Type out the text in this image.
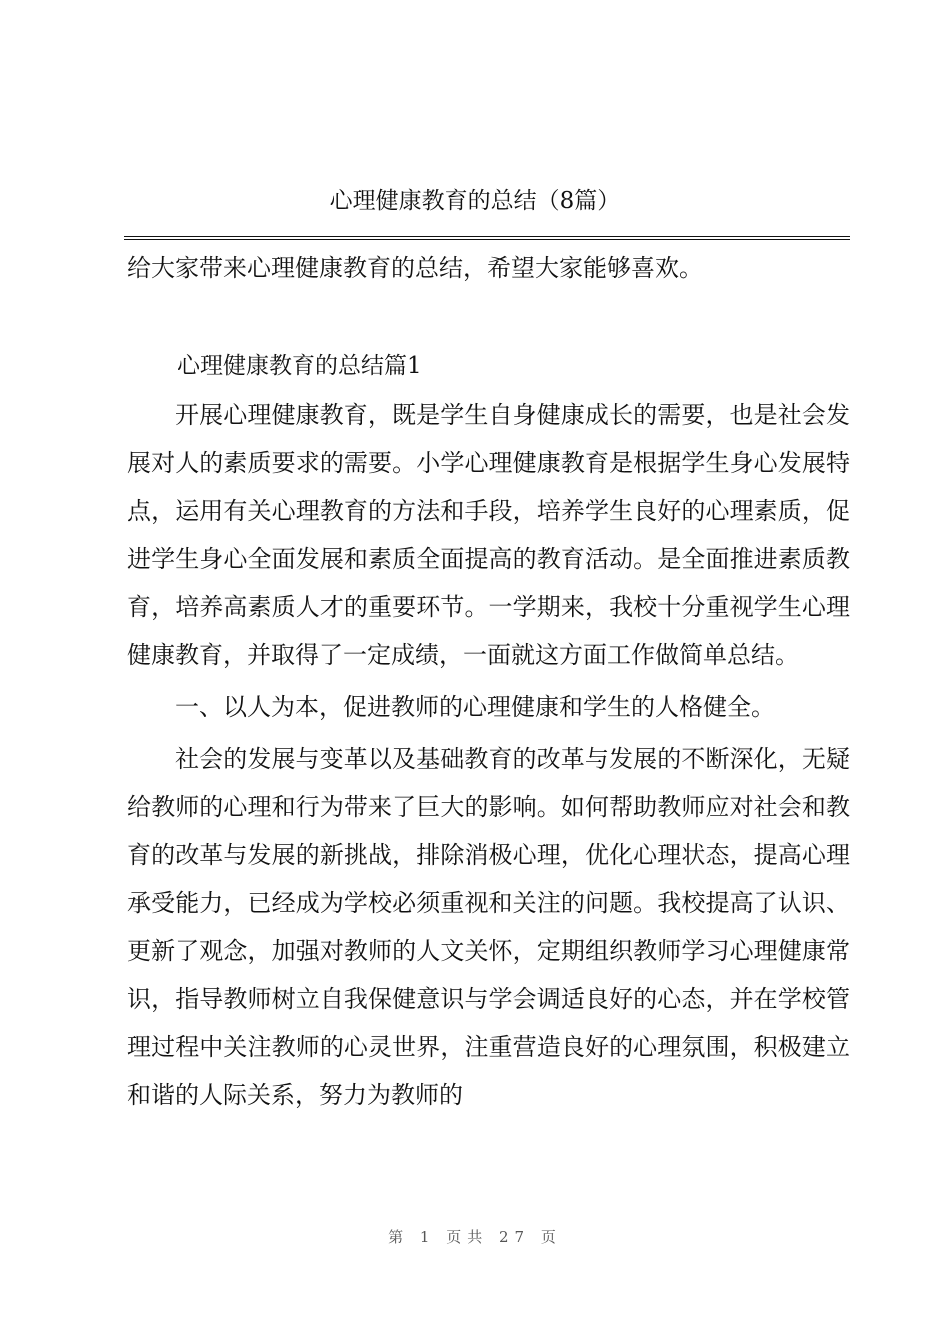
心理健康教育的总结（8篇）

给大家带来心理健康教育的总结，希望大家能够喜欢。

心理健康教育的总结篇1

开展心理健康教育，既是学生自身健康成长的需要，也是社会发展对人的素质要求的需要。小学心理健康教育是根据学生身心发展特点，运用有关心理教育的方法和手段，培养学生良好的心理素质，促进学生身心全面发展和素质全面提高的教育活动。是全面推进素质教育，培养高素质人才的重要环节。一学期来，我校十分重视学生心理健康教育，并取得了一定成绩，一面就这方面工作做简单总结。

一、以人为本，促进教师的心理健康和学生的人格健全。

社会的发展与变革以及基础教育的改革与发展的不断深化，无疑给教师的心理和行为带来了巨大的影响。如何帮助教师应对社会和教育的改革与发展的新挑战，排除消极心理，优化心理状态，提高心理承受能力，已经成为学校必须重视和关注的问题。我校提高了认识、更新了观念，加强对教师的人文关怀，定期组织教师学习心理健康常识，指导教师树立自我保健意识与学会调适良好的心态，并在学校管理过程中关注教师的心灵世界，注重营造良好的心理氛围，积极建立和谐的人际关系，努力为教师的

第 1 页共 27 页
